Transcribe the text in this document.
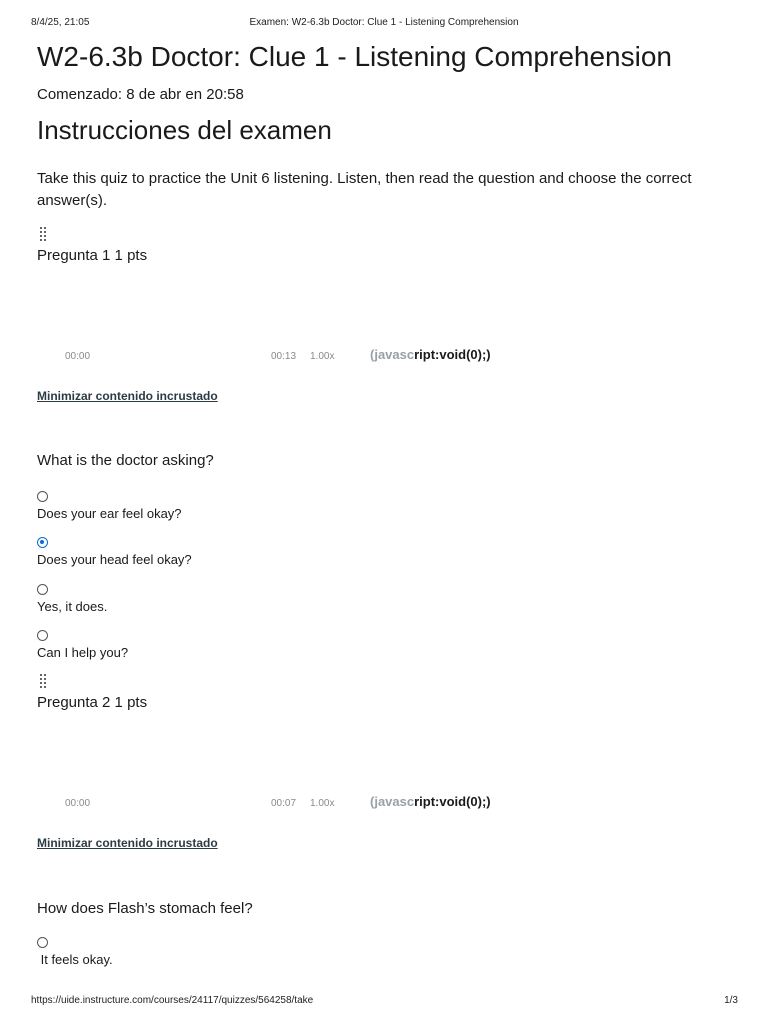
8/4/25, 21:05	Examen: W2-6.3b Doctor: Clue 1 - Listening Comprehension
W2-6.3b Doctor: Clue 1 - Listening Comprehension
Comenzado: 8 de abr en 20:58
Instrucciones del examen
Take this quiz to practice the Unit 6 listening. Listen, then read the question and choose the correct answer(s).
Pregunta 1 1 pts
00:00	00:13 1.00x	(javascript:void(0);)
Minimizar contenido incrustado
What is the doctor asking?
Does your ear feel okay?
Does your head feel okay?
Yes, it does.
Can I help you?
Pregunta 2 1 pts
00:00	00:07 1.00x	(javascript:void(0);)
Minimizar contenido incrustado
How does Flash’s stomach feel?
It feels okay.
https://uide.instructure.com/courses/24117/quizzes/564258/take	1/3
